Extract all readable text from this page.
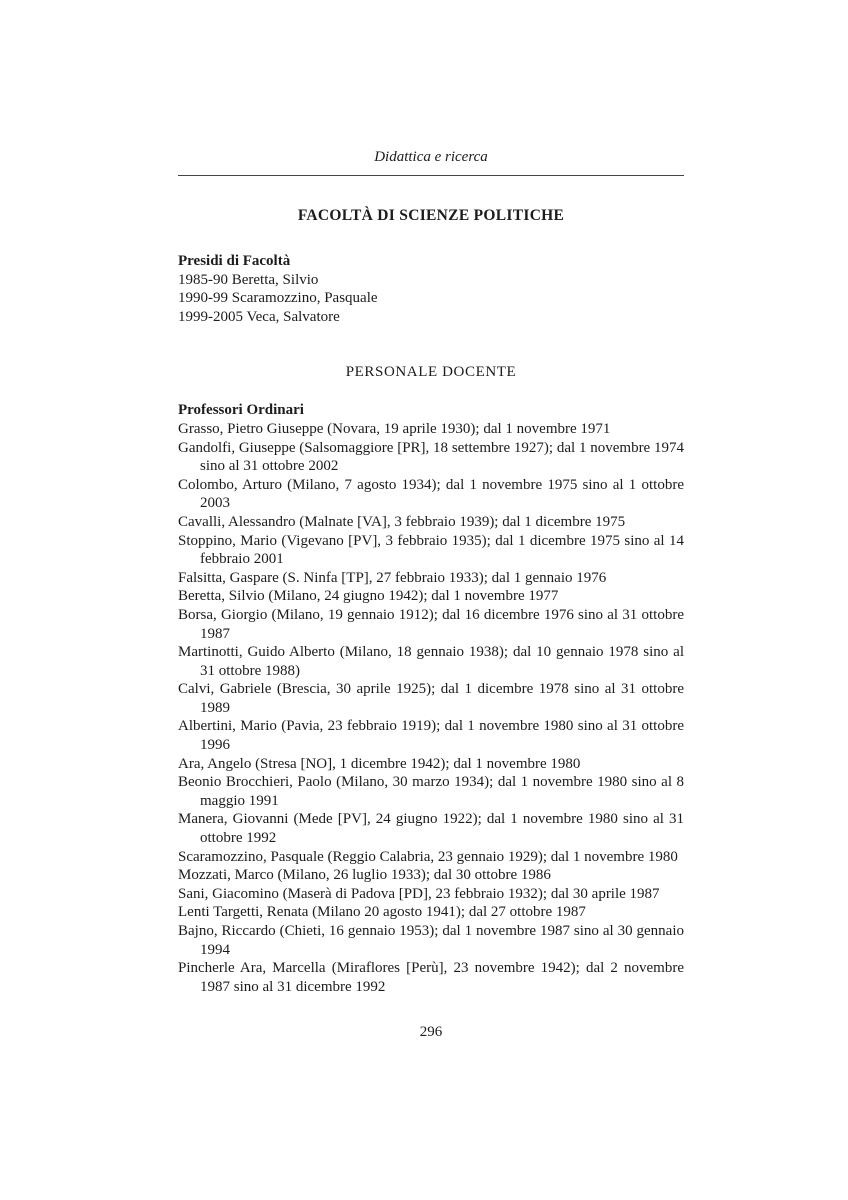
Didattica e ricerca
FACOLTÀ DI SCIENZE POLITICHE
Presidi di Facoltà

1985-90 Beretta, Silvio

1990-99 Scaramozzino, Pasquale

1999-2005 Veca, Salvatore

PERSONALE DOCENTE
Professori Ordinari

Grasso, Pietro Giuseppe (Novara, 19 aprile 1930); dal 1 novembre 1971

Gandolfi, Giuseppe (Salsomaggiore [PR], 18 settembre 1927); dal 1 novembre 1974 sino al 31 ottobre 2002

Colombo, Arturo (Milano, 7 agosto 1934); dal 1 novembre 1975 sino al 1 ottobre 2003

Cavalli, Alessandro (Malnate [VA], 3 febbraio 1939); dal 1 dicembre 1975

Stoppino, Mario (Vigevano [PV], 3 febbraio 1935); dal 1 dicembre 1975 sino al 14 febbraio 2001

Falsitta, Gaspare (S. Ninfa [TP], 27 febbraio 1933); dal 1 gennaio 1976

Beretta, Silvio (Milano, 24 giugno 1942); dal 1 novembre 1977

Borsa, Giorgio (Milano, 19 gennaio 1912); dal 16 dicembre 1976 sino al 31 ottobre 1987

Martinotti, Guido Alberto (Milano, 18 gennaio 1938); dal 10 gennaio 1978 sino al 31 ottobre 1988)

Calvi, Gabriele (Brescia, 30 aprile 1925); dal 1 dicembre 1978 sino al 31 ottobre 1989

Albertini, Mario (Pavia, 23 febbraio 1919); dal 1 novembre 1980 sino al 31 ottobre 1996

Ara, Angelo (Stresa [NO], 1 dicembre 1942); dal 1 novembre 1980

Beonio Brocchieri, Paolo (Milano, 30 marzo 1934); dal 1 novembre 1980 sino al 8 maggio 1991

Manera, Giovanni (Mede [PV], 24 giugno 1922); dal 1 novembre 1980 sino al 31 ottobre 1992

Scaramozzino, Pasquale (Reggio Calabria, 23 gennaio 1929); dal 1 novembre 1980

Mozzati, Marco (Milano, 26 luglio 1933); dal 30 ottobre 1986

Sani, Giacomino (Maserà di Padova [PD], 23 febbraio 1932); dal 30 aprile 1987

Lenti Targetti, Renata (Milano 20 agosto 1941); dal 27 ottobre 1987

Bajno, Riccardo (Chieti, 16 gennaio 1953); dal 1 novembre 1987 sino al 30 gennaio 1994

Pincherle Ara, Marcella (Miraflores [Perù], 23 novembre 1942); dal 2 novembre 1987 sino al 31 dicembre 1992

296
